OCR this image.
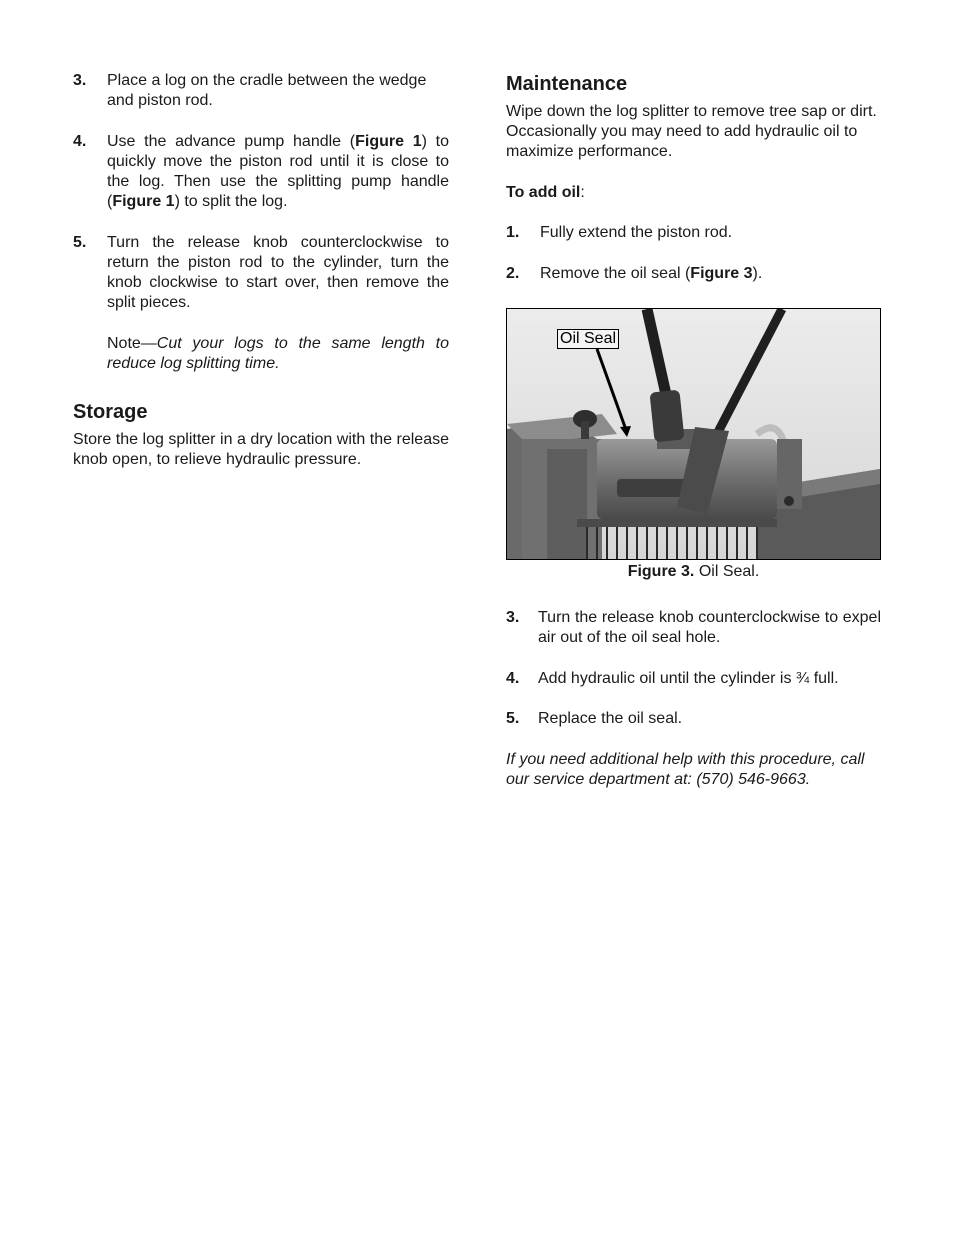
3.	Place a log on the cradle between the wedge and piston rod.
4.	Use the advance pump handle (Figure 1) to quickly move the piston rod until it is close to the log. Then use the splitting pump handle (Figure 1) to split the log.
5.	Turn the release knob counterclockwise to return the piston rod to the cylinder, turn the knob clockwise to start over, then remove the split pieces.
Note—Cut your logs to the same length to reduce log splitting time.
Storage
Store the log splitter in a dry location with the release knob open, to relieve hydraulic pressure.
Maintenance
Wipe down the log splitter to remove tree sap or dirt. Occasionally you may need to add hydraulic oil to maximize performance.
To add oil:
1.	Fully extend the piston rod.
2.	Remove the oil seal (Figure 3).
Oil Seal
Figure 3. Oil Seal.
3.	Turn the release knob counterclockwise to expel air out of the oil seal hole.
4.	Add hydraulic oil until the cylinder is ¾ full.
5.	Replace the oil seal.
If you need additional help with this procedure, call our service department at: (570) 546-9663.
